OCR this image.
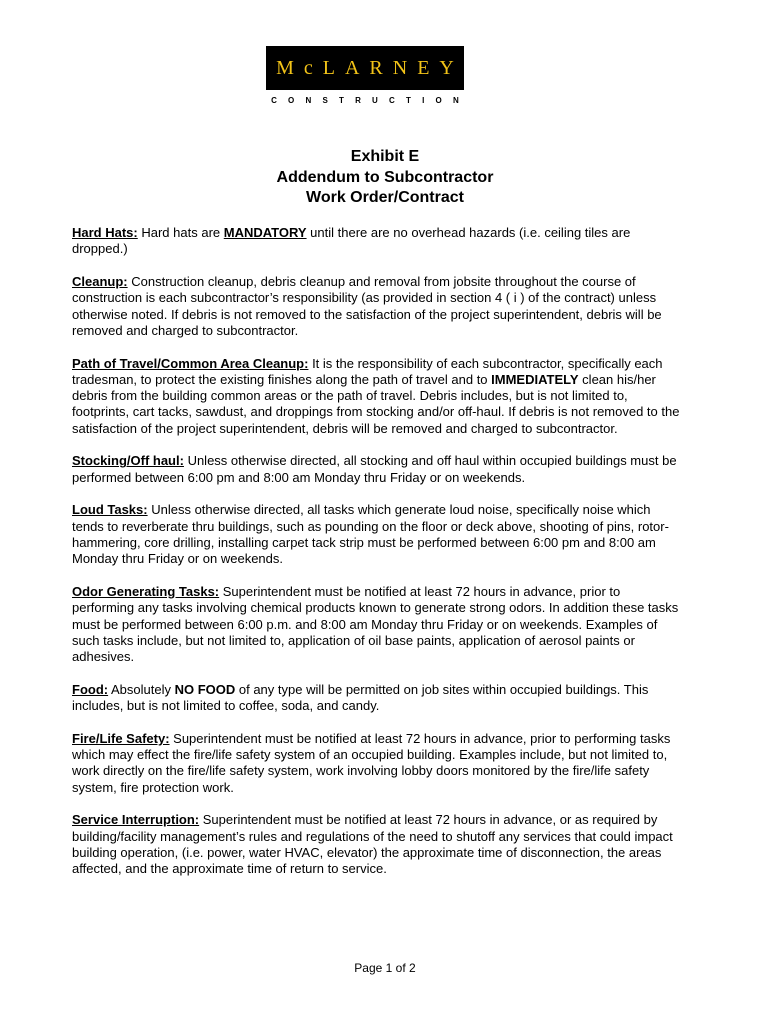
McLARNEY
CONSTRUCTION
Exhibit E
Addendum to Subcontractor
Work Order/Contract

Hard Hats: Hard hats are MANDATORY until there are no overhead hazards (i.e. ceiling tiles are dropped.)

Cleanup: Construction cleanup, debris cleanup and removal from jobsite throughout the course of construction is each subcontractor’s responsibility (as provided in section 4 ( i ) of the contract) unless otherwise noted. If debris is not removed to the satisfaction of the project superintendent, debris will be removed and charged to subcontractor.

Path of Travel/Common Area Cleanup: It is the responsibility of each subcontractor, specifically each tradesman, to protect the existing finishes along the path of travel and to IMMEDIATELY clean his/her debris from the building common areas or the path of travel. Debris includes, but is not limited to, footprints, cart tacks, sawdust, and droppings from stocking and/or off-haul. If debris is not removed to the satisfaction of the project superintendent, debris will be removed and charged to subcontractor.

Stocking/Off haul: Unless otherwise directed, all stocking and off haul within occupied buildings must be performed between 6:00 pm and 8:00 am Monday thru Friday or on weekends.

Loud Tasks: Unless otherwise directed, all tasks which generate loud noise, specifically noise which tends to reverberate thru buildings, such as pounding on the floor or deck above, shooting of pins, rotor-hammering, core drilling, installing carpet tack strip must be performed between 6:00 pm and 8:00 am Monday thru Friday or on weekends.

Odor Generating Tasks: Superintendent must be notified at least 72 hours in advance, prior to performing any tasks involving chemical products known to generate strong odors. In addition these tasks must be performed between 6:00 p.m. and 8:00 am Monday thru Friday or on weekends. Examples of such tasks include, but not limited to, application of oil base paints, application of aerosol paints or adhesives.

Food: Absolutely NO FOOD of any type will be permitted on job sites within occupied buildings. This includes, but is not limited to coffee, soda, and candy.

Fire/Life Safety: Superintendent must be notified at least 72 hours in advance, prior to performing tasks which may effect the fire/life safety system of an occupied building. Examples include, but not limited to, work directly on the fire/life safety system, work involving lobby doors monitored by the fire/life safety system, fire protection work.

Service Interruption: Superintendent must be notified at least 72 hours in advance, or as required by building/facility management’s rules and regulations of the need to shutoff any services that could impact building operation, (i.e. power, water HVAC, elevator) the approximate time of disconnection, the areas affected, and the approximate time of return to service.

Page 1 of 2
